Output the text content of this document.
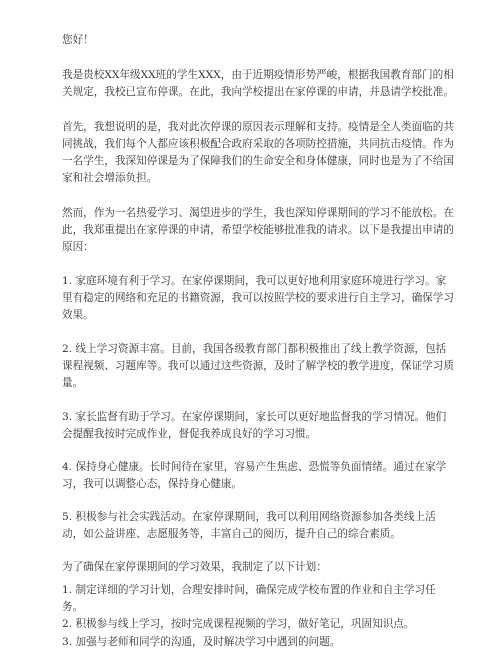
您好！

我是贵校XX年级XX班的学生XXX，由于近期疫情形势严峻，根据我国教育部门的相关规定，我校已宣布停课。在此，我向学校提出在家停课的申请，并恳请学校批准。

首先，我想说明的是，我对此次停课的原因表示理解和支持。疫情是全人类面临的共同挑战，我们每个人都应该积极配合政府采取的各项防控措施，共同抗击疫情。作为一名学生，我深知停课是为了保障我们的生命安全和身体健康，同时也是为了不给国家和社会增添负担。

然而，作为一名热爱学习、渴望进步的学生，我也深知停课期间的学习不能放松。在此，我郑重提出在家停课的申请，希望学校能够批准我的请求。以下是我提出申请的原因：

1. 家庭环境有利于学习。在家停课期间，我可以更好地利用家庭环境进行学习。家里有稳定的网络和充足的书籍资源，我可以按照学校的要求进行自主学习，确保学习效果。

2. 线上学习资源丰富。目前，我国各级教育部门都积极推出了线上教学资源，包括课程视频、习题库等。我可以通过这些资源，及时了解学校的教学进度，保证学习质量。

3. 家长监督有助于学习。在家停课期间，家长可以更好地监督我的学习情况。他们会提醒我按时完成作业，督促我养成良好的学习习惯。

4. 保持身心健康。长时间待在家里，容易产生焦虑、恐慌等负面情绪。通过在家学习，我可以调整心态，保持身心健康。

5. 积极参与社会实践活动。在家停课期间，我可以利用网络资源参加各类线上活动，如公益讲座、志愿服务等，丰富自己的阅历，提升自己的综合素质。

为了确保在家停课期间的学习效果，我制定了以下计划：

1. 制定详细的学习计划，合理安排时间，确保完成学校布置的作业和自主学习任务。

2. 积极参与线上学习，按时完成课程视频的学习，做好笔记，巩固知识点。

3. 加强与老师和同学的沟通，及时解决学习中遇到的问题。
